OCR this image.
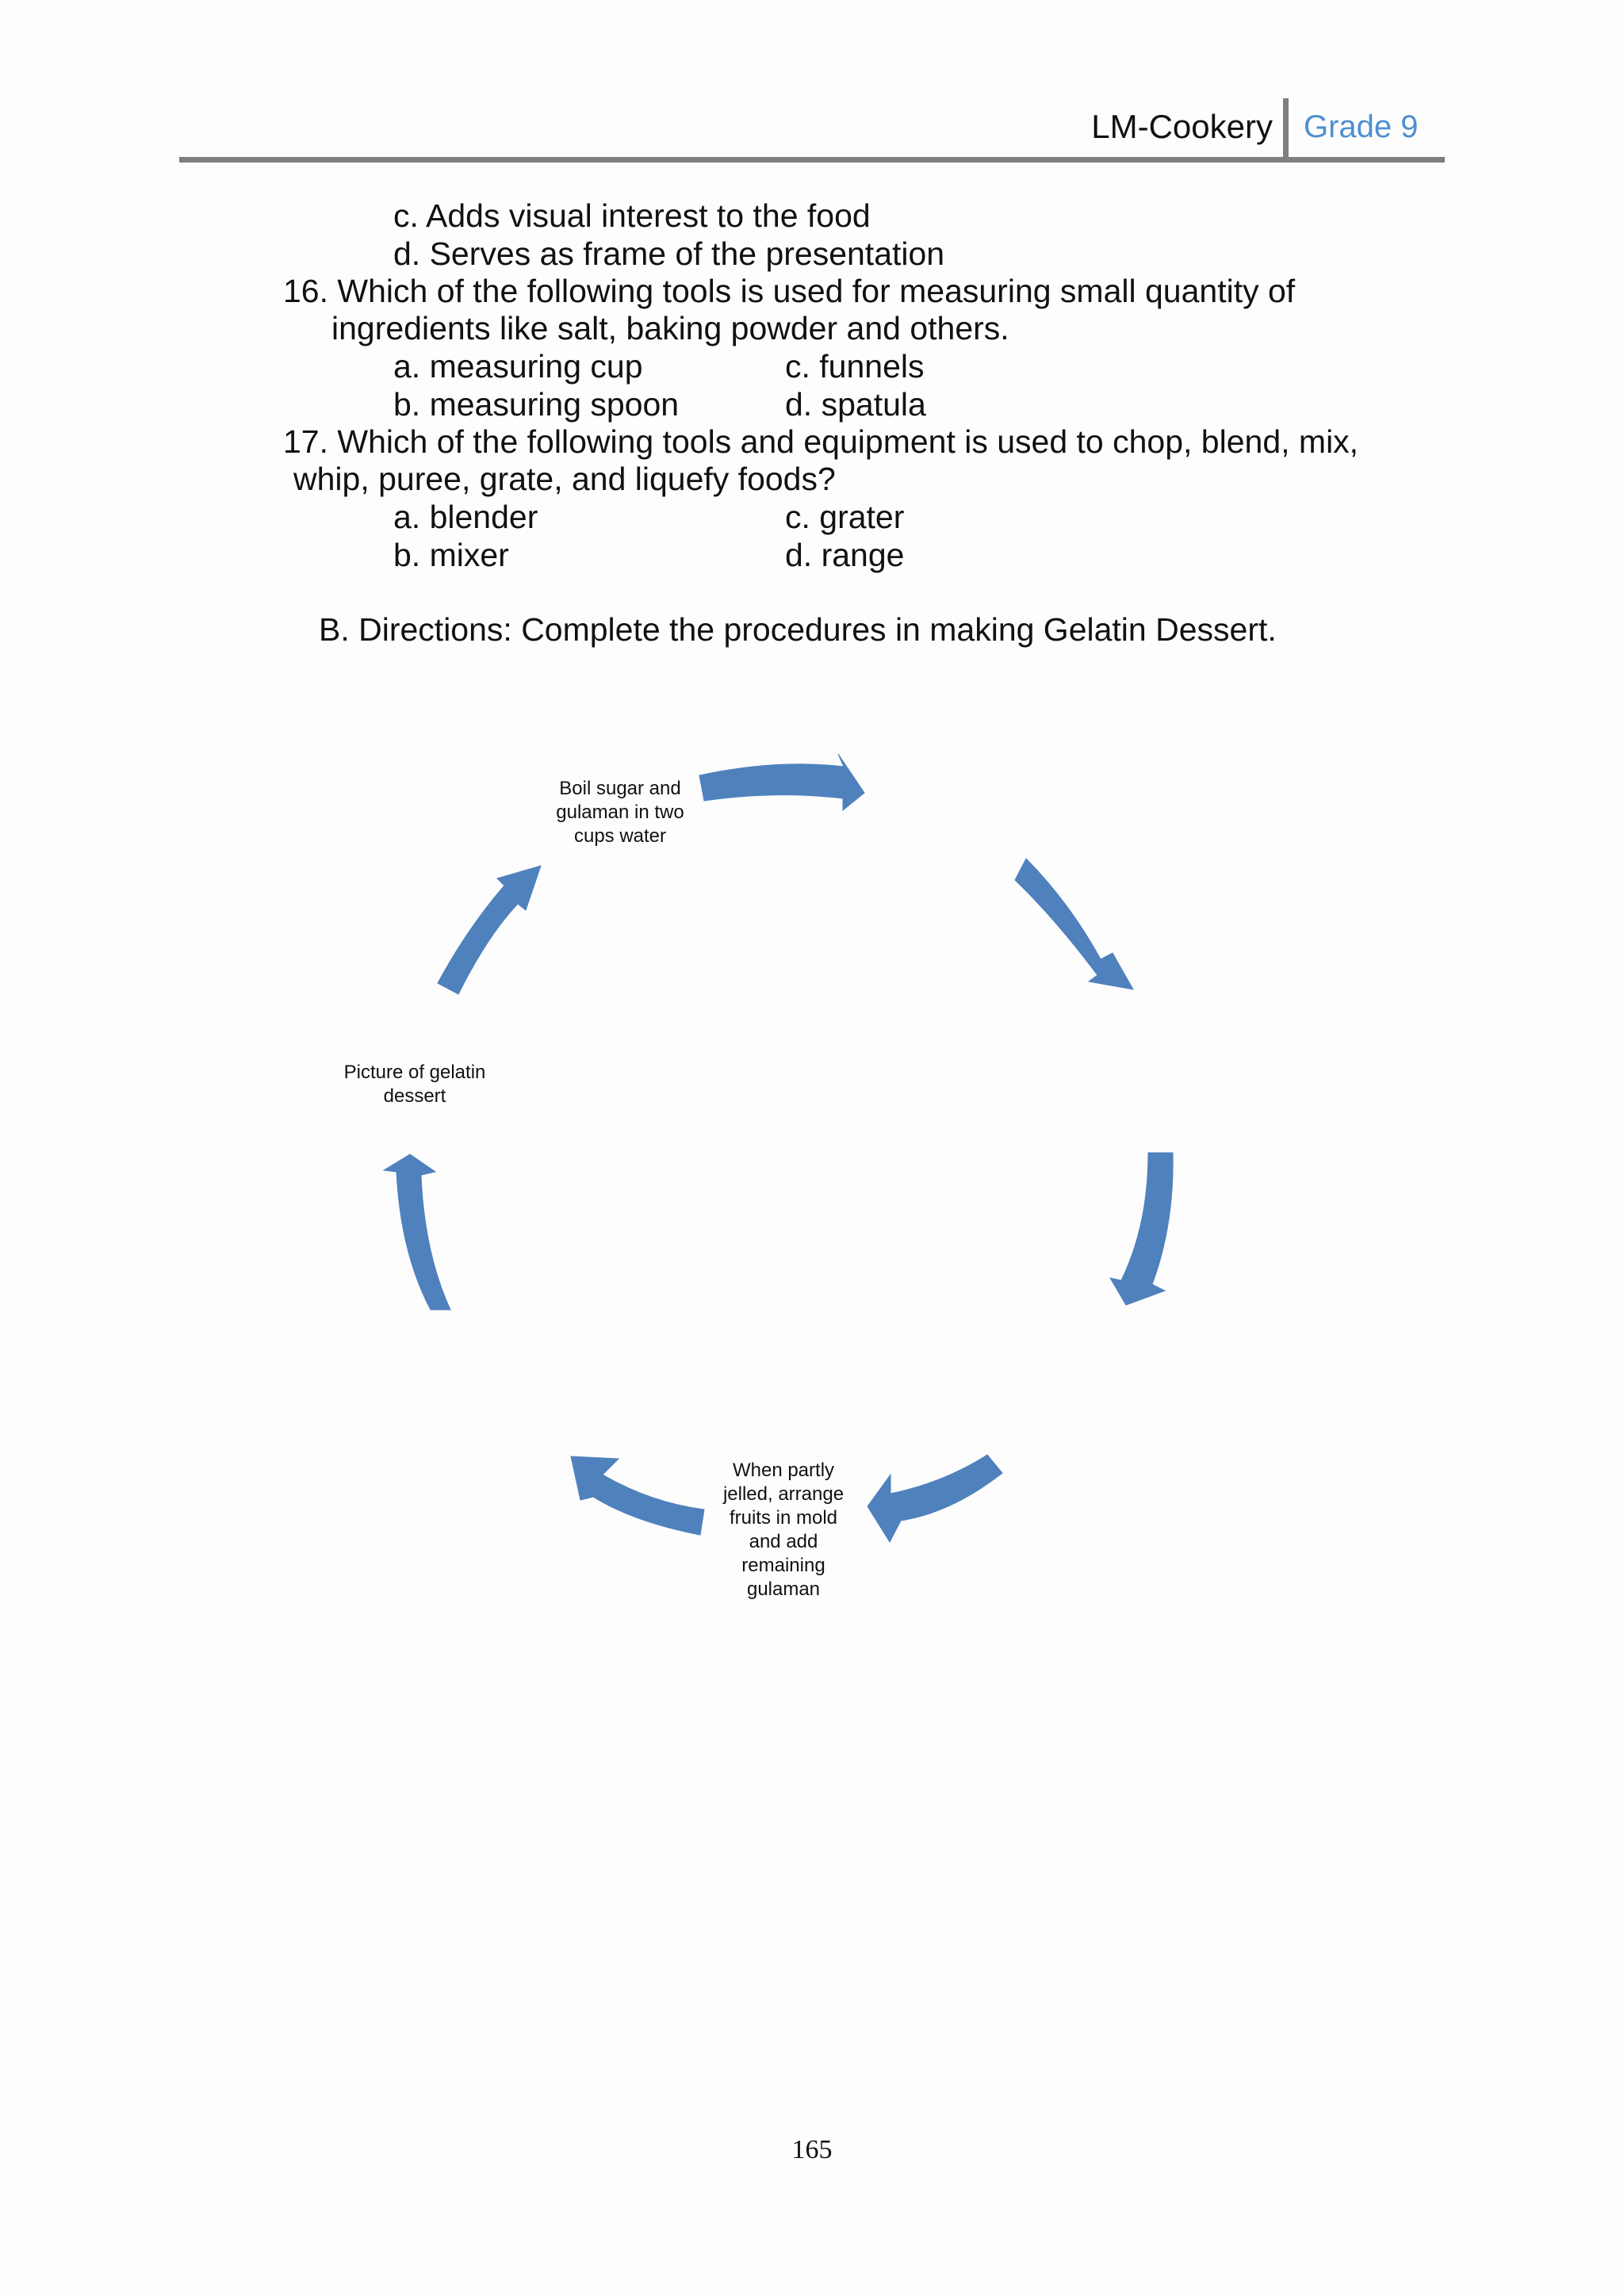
LM-Cookery Grade 9
c. Adds visual interest to the food
d. Serves as frame of the presentation
16. Which of the following tools is used for measuring small quantity of
ingredients like salt, baking powder and others.
a. measuring cup	c. funnels
b. measuring spoon	d. spatula
17. Which of the following tools and equipment is used to chop, blend, mix,
whip, puree, grate, and liquefy foods?
a. blender	c. grater
b. mixer	d. range
B. Directions: Complete the procedures in making Gelatin Dessert.
Boil sugar and
gulaman in two
cups water
Picture of gelatin
dessert
When partly
jelled, arrange
fruits in mold
and add
remaining
gulaman
165
